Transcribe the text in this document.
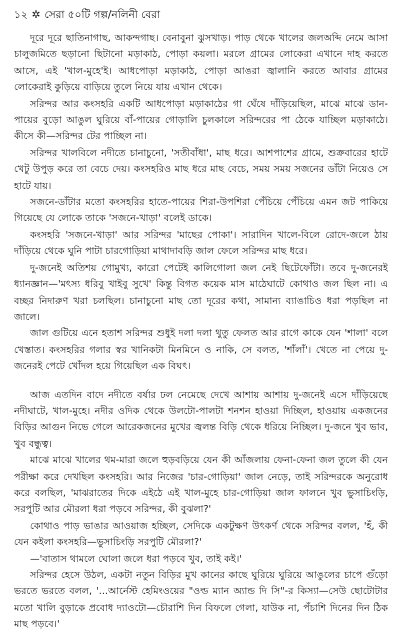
১২ ✲ সেরা ৫০টি গল্প/নলিনী বেরা

দূরে দূরে ছাতিনাগাছ, আকন্দগাছ। বেনাবুনা ঝুসখাড়। পাড় থেকে খালের জলঅব্দি নেমে আসা চালুজমিতে ছড়ানো ছিটানো মড়াকাঠ, পোড়া কয়লা। মরলে গ্রামের লোকেরা এখানে দাহ করতে আসে, এই 'খাল-মুহে'ই। আধপোড়া মড়াকাঠ, পোড়া আঙরা জ্বালানি করতে আবার গ্রামের লোকেরাই কুড়িয়ে বাড়িয়ে তুলে নিয়ে যায় এখান থেকে।

সরিন্দর আর কংসহরি একটি আধপোড়া মড়াকাঠের গা ঘেঁষে দাঁড়িয়েছিল, মাঝে মাঝে ডান-পায়ের বুড়ো আঙুল ঘুরিয়ে বাঁ-পায়ের গোড়ালি চুলকালে সরিন্দরের পা ঠেকে যাচ্ছিল মড়াকাঠে। কীসে কী—সরিন্দর টের পাচ্ছিল না।

সরিন্দর খালবিলে নদীতে চানাচুনো, 'সতীবাঁধা', মাছ ধরে। আশপাশের গ্রামে, শুক্রবারের হাটে খেটু উপুড় করে তা বেচে দেয়। কংসহরিও মাছ ধরে মাছ বেচে, সময় সময় সজনের ডাঁটা নিয়েও সে হাটে যায়।

সজনে-ডাঁটার মতো কংসহরির হাতে-পায়ের শিরা-উপশিরা পেঁচিয়ে পেঁচিয়ে এমন জট পাকিয়ে গিয়েছে যে লোকে তাকে 'সজনে-খাড়া' বলেই ডাকে।

কংসহরি 'সজনে-খাড়া' আর সরিন্দর 'মাছের পোকা'। সারাদিন খালে-বিলে রোদে-জলে ঠায় দাঁড়িয়ে থেকে ঘুনি পাটা চারগোড়িয়া মাথাদাবড়ি জাল ফেলে সরিন্দর মাছ ধরে।

দু-জনেই অতিশয় গোমুখ্য, কারো পেটেই কালিগোলা জল নেই ছিটেফোঁটা। তবে দু-জনেরই ধ্যানজ্ঞান—'মৎস্য ধরিবু খাইবু সুখে' কিন্তু বিগত কয়েক মাস মাঠেঘাটে কোথাও জল ছিল না। এ বচ্ছর নিদারুণ খরা চলছিল। চানাচুনো মাছ তো দূরের কথা, সামান্য ব্যাঙাচিও ধরা পড়ছিল না জালে।

জাল গুটিয়ে এনে হতাশ সরিন্দর শুধুই দলা দলা থুতু ফেলত আর রাগে কাকে যেন 'শালা' বলে খেস্তাত। কংসহরির গলার স্বর খানিকটা মিনমিনে ও নাকি, সে বলত, 'শাঁলাঁ'। খেতে না পেয়ে দু-জনেরই পেটে খোঁদল হয়ে গিয়েছিল এক বিঘৎ।

আজ এতদিন বাদে নদীতে বর্ষার ঢল নেমেছে দেখে আশায় আশায় দু-জনেই এসে দাঁড়িয়েছে নদীঘাটে, খাল-মুহে। নদীর ওদিক থেকে উলটো-পালটা শনশন হাওয়া দিচ্ছিল, হাওয়ায় একজনের বিড়ির আগুন নিভে গেলে আরেকজনের মুখের জ্বলন্ত বিড়ি থেকে ধরিয়ে নিচ্ছিল। দু-জনে খুব ভাব, খুব বন্ধুত্ব।

মাঝে মাঝে খালের থম-মারা জলে হুড়বড়িয়ে যেন কী আঁজলায় ফেনা-ফেনা জল তুলে কী যেন পরীক্ষা করে দেখছিল কংসহরি। আর নিজের 'চার-গোড়িয়া' জাল নেড়ে, তাই সরিন্দরকে অনুরোধ করে বলছিল, 'মাঝরাতের দিকে এইঠে এই খাল-মুহে চার-গোড়িয়া জাল ফালনে খুব ভুসাচিংড়ি, সরপুটি আর মৌরলা ধরা পড়বে সরিন্দর, কী বুঝলা?'

কোথাও পাড় ভাঙার আওয়াজ হচ্ছিল, সেদিকে একটুক্ষণ উৎকর্ণ থেকে সরিন্দর বলল, 'হঁ, কী যেন কইলা কংসহরি—ভুসাচিংড়ি সরপুটি মৌরলা?'

—'বাতাস থামলে ঘোলা জলে ধরা পড়বে খুব, তাই কই।'

সরিন্দর হেসে উঠল, একটা নতুন বিড়ির মুখ কানের কাছে ঘুরিয়ে ঘুরিয়ে আঙুলের চাপে গুঁড়ো ভরতে ভরতে বলল, '...আর্নেস্ট হেমিংওয়ের "ওল্ড ম্যান অ্যান্ড দি সি"-র কিস্যা—সেউ ছোটোটার মতো খালি বুড়াকে প্রবোধ দ্যাওটো—চৌরাশি দিন বিফলে গেলা, যাউক না, পঁচাশি দিনের দিন ঠিক মাছ পড়বে।'
